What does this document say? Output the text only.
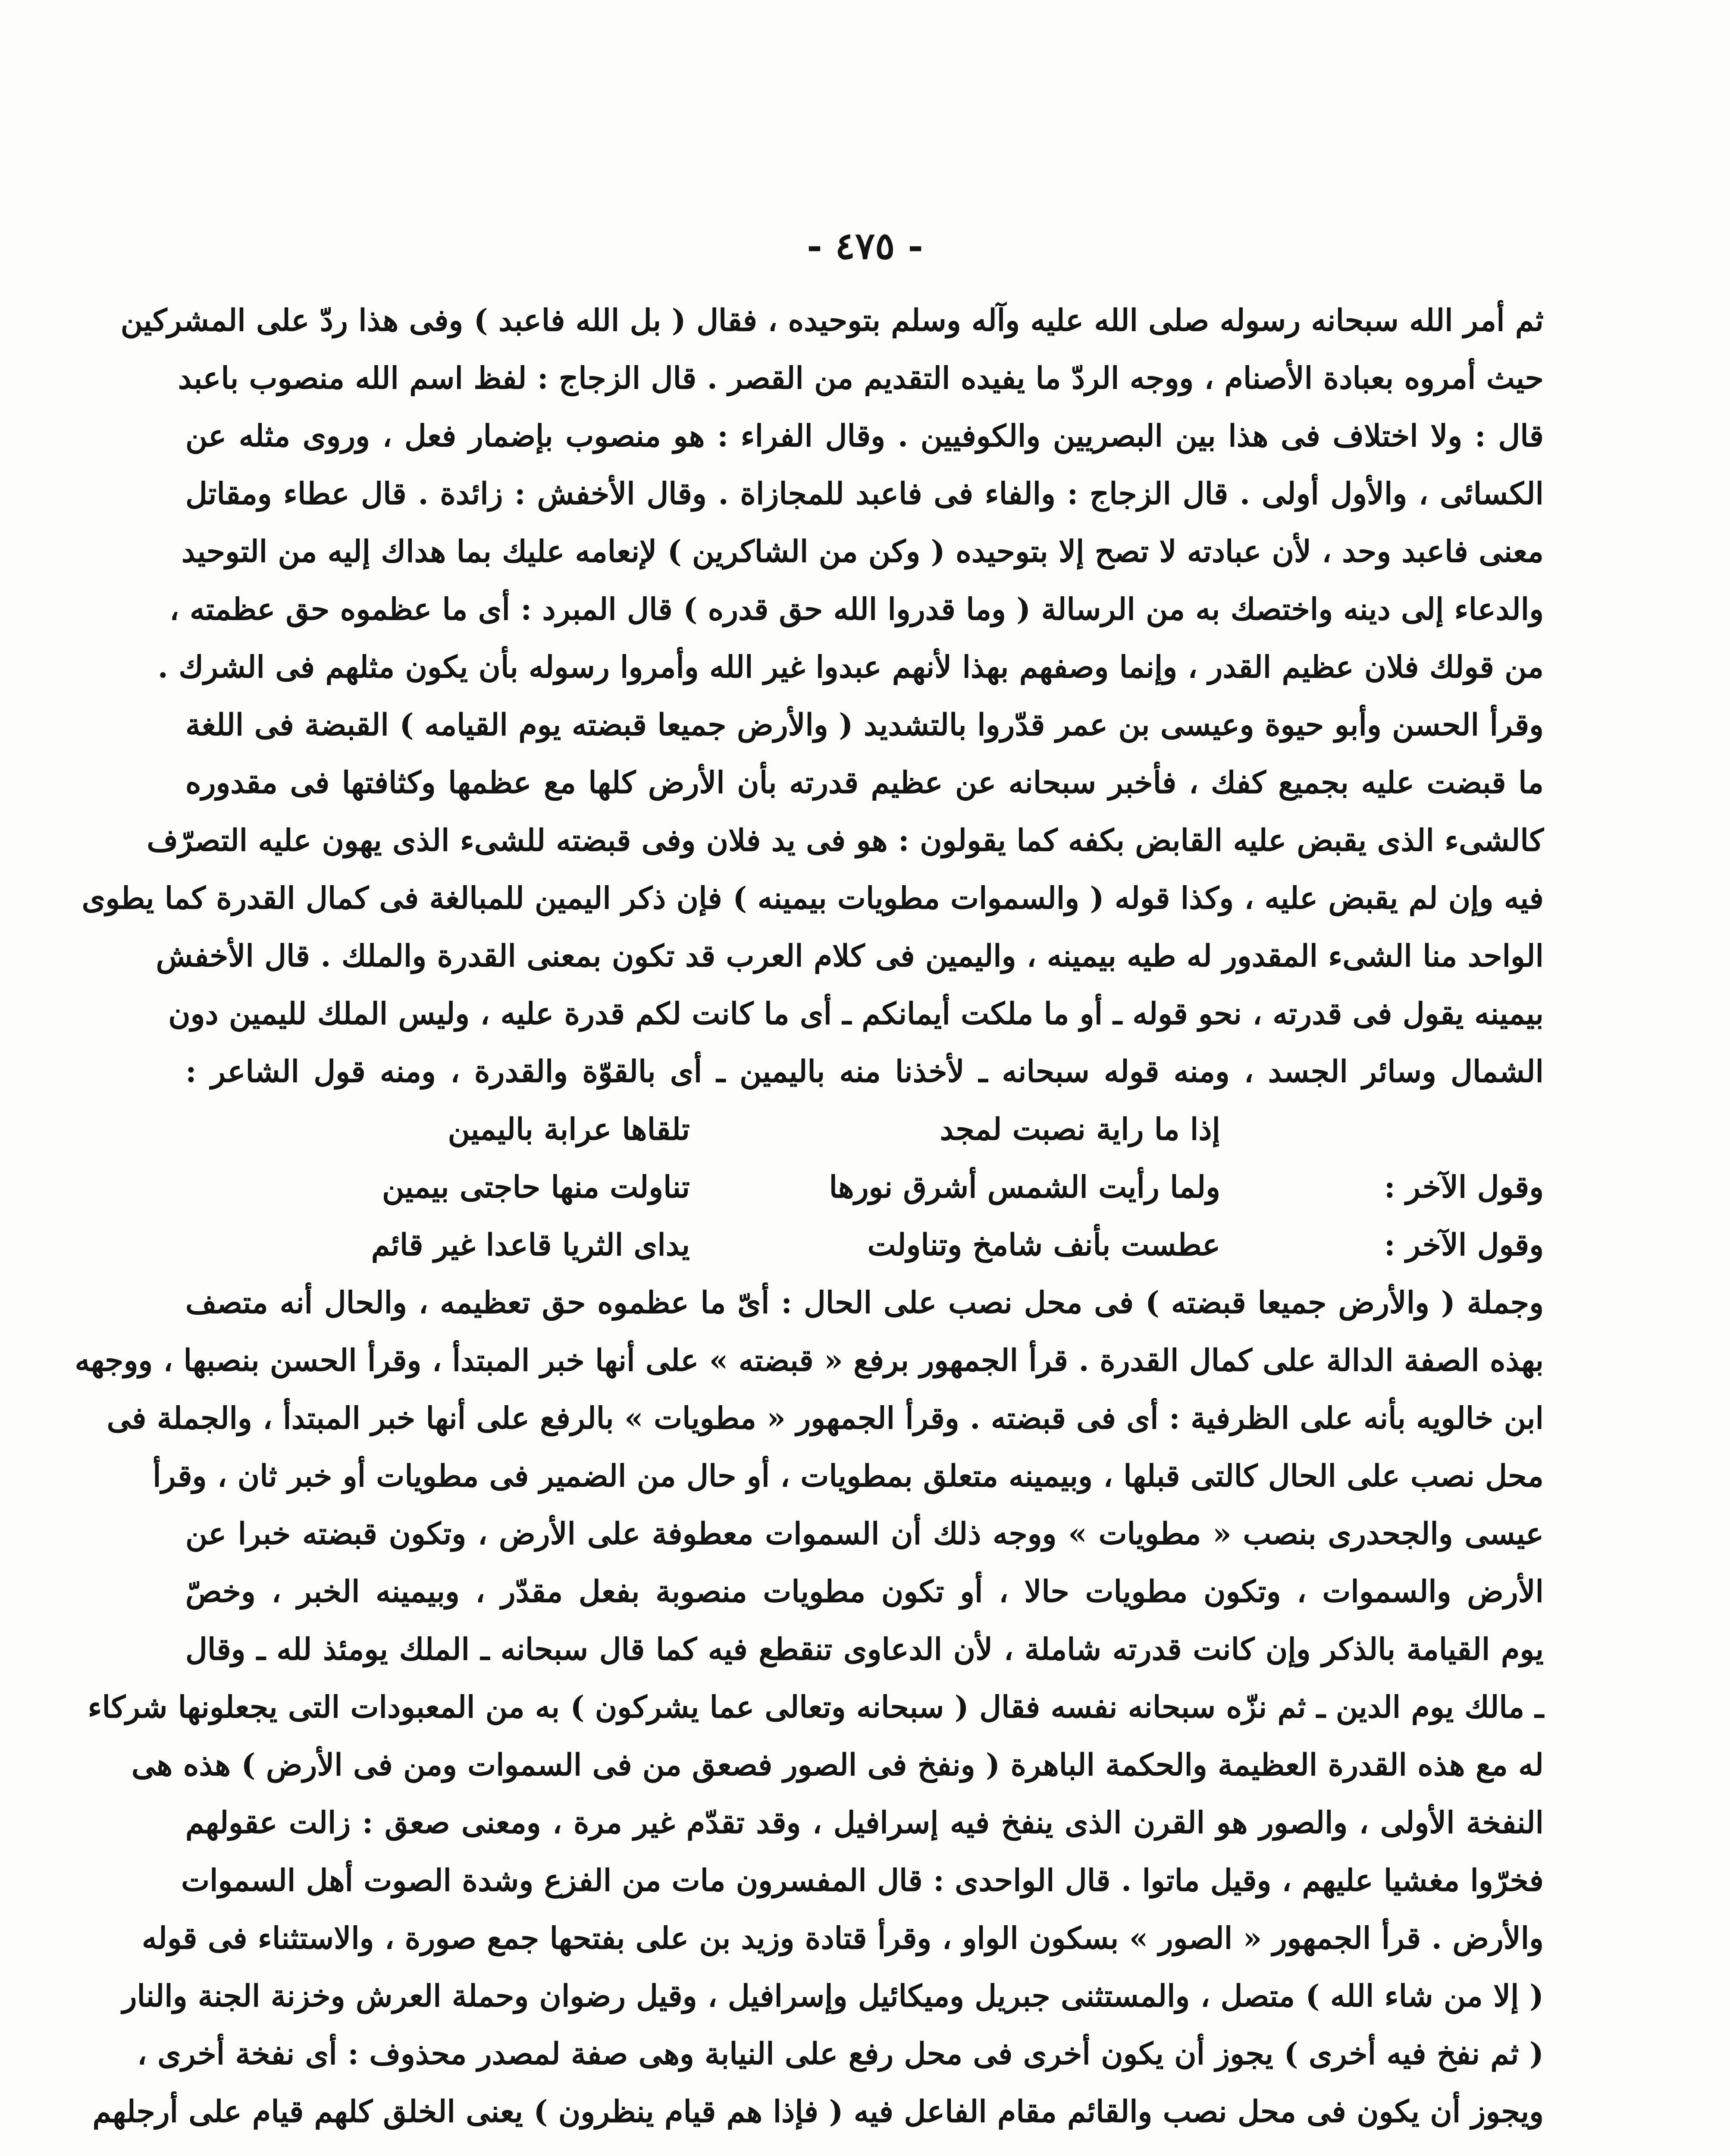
- ٤٧٥ -
ثم أمر الله سبحانه رسوله صلى الله عليه وآله وسلم بتوحيده ، فقال ( بل الله فاعبد ) وفى هذا ردّ على المشركين
حيث أمروه بعبادة الأصنام ، ووجه الردّ ما يفيده التقديم من القصر . قال الزجاج : لفظ اسم الله منصوب باعبد
قال : ولا اختلاف فى هذا بين البصريين والكوفيين . وقال الفراء : هو منصوب بإضمار فعل ، وروى مثله عن
الكسائى ، والأول أولى . قال الزجاج : والفاء فى فاعبد للمجازاة . وقال الأخفش : زائدة . قال عطاء ومقاتل
معنى فاعبد وحد ، لأن عبادته لا تصح إلا بتوحيده ( وكن من الشاكرين ) لإنعامه عليك بما هداك إليه من التوحيد
والدعاء إلى دينه واختصك به من الرسالة ( وما قدروا الله حق قدره ) قال المبرد : أى ما عظموه حق عظمته ،
من قولك فلان عظيم القدر ، وإنما وصفهم بهذا لأنهم عبدوا غير الله وأمروا رسوله بأن يكون مثلهم فى الشرك .
وقرأ الحسن وأبو حيوة وعيسى بن عمر قدّروا بالتشديد ( والأرض جميعا قبضته يوم القيامه ) القبضة فى اللغة
ما قبضت عليه بجميع كفك ، فأخبر سبحانه عن عظيم قدرته بأن الأرض كلها مع عظمها وكثافتها فى مقدوره
كالشىء الذى يقبض عليه القابض بكفه كما يقولون : هو فى يد فلان وفى قبضته للشىء الذى يهون عليه التصرّف
فيه وإن لم يقبض عليه ، وكذا قوله ( والسموات مطويات بيمينه ) فإن ذكر اليمين للمبالغة فى كمال القدرة كما يطوى
الواحد منا الشىء المقدور له طيه بيمينه ، واليمين فى كلام العرب قد تكون بمعنى القدرة والملك . قال الأخفش
بيمينه يقول فى قدرته ، نحو قوله ـ أو ما ملكت أيمانكم ـ أى ما كانت لكم قدرة عليه ، وليس الملك لليمين دون
الشمال وسائر الجسد ، ومنه قوله سبحانه ـ لأخذنا منه باليمين ـ أى بالقوّة والقدرة ، ومنه قول الشاعر :
إذا ما راية نصبت لمجد
تلقاها عرابة باليمين
وقول الآخر :
ولما رأيت الشمس أشرق نورها
تناولت منها حاجتى بيمين
وقول الآخر :
عطست بأنف شامخ وتناولت
يداى الثريا قاعدا غير قائم
وجملة ( والأرض جميعا قبضته ) فى محل نصب على الحال : أىّ ما عظموه حق تعظيمه ، والحال أنه متصف
بهذه الصفة الدالة على كمال القدرة . قرأ الجمهور برفع « قبضته » على أنها خبر المبتدأ ، وقرأ الحسن بنصبها ، ووجهه
ابن خالويه بأنه على الظرفية : أى فى قبضته . وقرأ الجمهور « مطويات » بالرفع على أنها خبر المبتدأ ، والجملة فى
محل نصب على الحال كالتى قبلها ، وبيمينه متعلق بمطويات ، أو حال من الضمير فى مطويات أو خبر ثان ، وقرأ
عيسى والجحدرى بنصب « مطويات » ووجه ذلك أن السموات معطوفة على الأرض ، وتكون قبضته خبرا عن
الأرض والسموات ، وتكون مطويات حالا ، أو تكون مطويات منصوبة بفعل مقدّر ، وبيمينه الخبر ، وخصّ
يوم القيامة بالذكر وإن كانت قدرته شاملة ، لأن الدعاوى تنقطع فيه كما قال سبحانه ـ الملك يومئذ لله ـ وقال
ـ مالك يوم الدين ـ ثم نزّه سبحانه نفسه فقال ( سبحانه وتعالى عما يشركون ) به من المعبودات التى يجعلونها شركاء
له مع هذه القدرة العظيمة والحكمة الباهرة ( ونفخ فى الصور فصعق من فى السموات ومن فى الأرض ) هذه هى
النفخة الأولى ، والصور هو القرن الذى ينفخ فيه إسرافيل ، وقد تقدّم غير مرة ، ومعنى صعق : زالت عقولهم
فخرّوا مغشيا عليهم ، وقيل ماتوا . قال الواحدى : قال المفسرون مات من الفزع وشدة الصوت أهل السموات
والأرض . قرأ الجمهور « الصور » بسكون الواو ، وقرأ قتادة وزيد بن على بفتحها جمع صورة ، والاستثناء فى قوله
( إلا من شاء الله ) متصل ، والمستثنى جبريل وميكائيل وإسرافيل ، وقيل رضوان وحملة العرش وخزنة الجنة والنار
( ثم نفخ فيه أخرى ) يجوز أن يكون أخرى فى محل رفع على النيابة وهى صفة لمصدر محذوف : أى نفخة أخرى ،
ويجوز أن يكون فى محل نصب والقائم مقام الفاعل فيه ( فإذا هم قيام ينظرون ) يعنى الخلق كلهم قيام على أرجلهم
